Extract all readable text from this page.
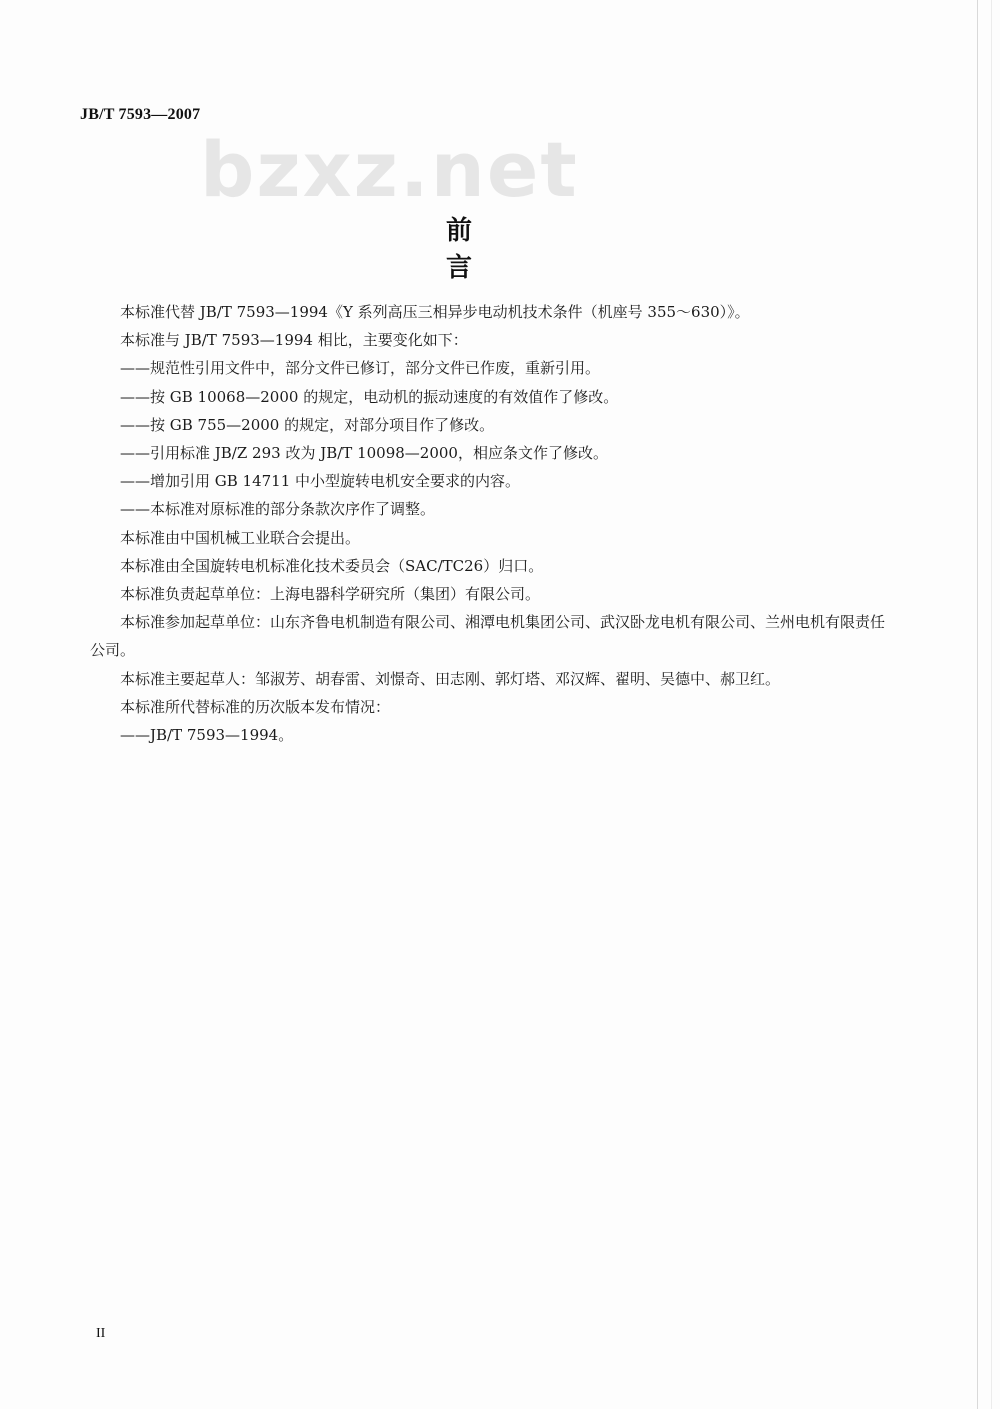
JB/T 7593—2007
bzxz.net
前　言

本标准代替 JB/T 7593—1994《Y 系列高压三相异步电动机技术条件（机座号 355～630）》。

本标准与 JB/T 7593—1994 相比，主要变化如下：

——规范性引用文件中，部分文件已修订，部分文件已作废，重新引用。

——按 GB 10068—2000 的规定，电动机的振动速度的有效值作了修改。

——按 GB 755—2000 的规定，对部分项目作了修改。

——引用标准 JB/Z 293 改为 JB/T 10098—2000，相应条文作了修改。

——增加引用 GB 14711 中小型旋转电机安全要求的内容。

——本标准对原标准的部分条款次序作了调整。

本标准由中国机械工业联合会提出。

本标准由全国旋转电机标准化技术委员会（SAC/TC26）归口。

本标准负责起草单位：上海电器科学研究所（集团）有限公司。

本标准参加起草单位：山东齐鲁电机制造有限公司、湘潭电机集团公司、武汉卧龙电机有限公司、兰州电机有限责任公司。

本标准主要起草人：邹淑芳、胡春雷、刘憬奇、田志刚、郭灯塔、邓汉辉、翟明、吴德中、郝卫红。

本标准所代替标准的历次版本发布情况：

——JB/T 7593—1994。

II
